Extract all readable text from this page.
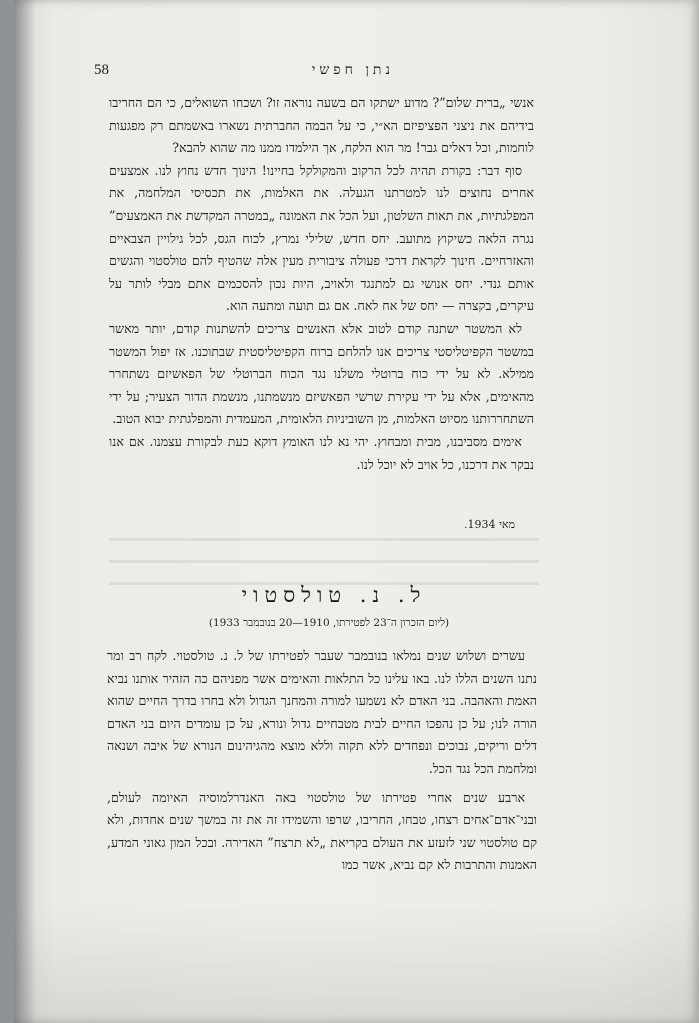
58	נתן חפשי

אנשי „ברית שלום”? מדוע ישתקו הם בשעה נוראה זו? ושכחו השואלים, כי הם החריבו בידיהם את ניצני הפציפיזם הא״י, כי על הבמה החברתית נשארו באשמתם רק מפגעות לוחמות, וכל דאלים גבר! מר הוא הלקח, אך הילמדו ממנו מה שהוא להבא?

סוף דבר: בקורת תהיה לכל הרקוב והמקולקל בחיינו! הינוך חדש נחוץ לנו. אמצעים אחרים נחוצים לנו למטרתנו הגעלה. את האלמות, את תכסיסי המלחמה, את המפלגתיות, את תאות השלטון, ועל הכל את האמונה „במטרה המקדשת את האמצעים” נגרה הלאה כשיקוץ מתועב. יחס חדש, שלילי נמרץ, לכוח הגס, לכל גילויין הצבאיים והאזרחיים. חינוך לקראת דרכי פעולה ציבורית מעין אלה שהטיף להם טולסטוי והגשים אותם גנדי. יחס אנושי גם למתנגד ולאויב, היות נכון להסכמים אתם מבלי לותר על עיקרים, בקצרה — יחס של אח לאח. אם גם תועה ומתעה הוא.

לא המשטר ישתנה קודם לטוב אלא האנשים צריכים להשתנות קודם, יותר מאשר במשטר הקפיטליסטי צריכים אנו להלחם ברוח הקפיטליסטית שבתוכנו. אז יפול המשטר ממילא. לא על ידי כוח ברוטלי משלנו נגד הכוח הברוטלי של הפאשיזם נשתחרר מהאימים, אלא על ידי עקירת שרשי הפאשיזם מנשמתנו, מנשמת הדור הצעיר; על ידי השתחררותנו מסיוט האלמות, מן השוביניות הלאומית, המעמדית והמפלגתית יבוא הטוב.

אימים מסביבנו, מבית ומבחוץ. יהי נא לנו האומץ דוקא כעת לבקורת עצמנו. אם אנו נבקר את דרכנו, כל אויב לא יוכל לנו.

מאי 1934.
ל. נ. טולסטוי
(ליום הזכרון ה־23 לפטירתו, 1910—20 בנובמבר 1933)

עשרים ושלוש שנים נמלאו בנובמבר שעבר לפטירתו של ל. נ. טולסטוי. לקח רב ומר נתנו השנים הללו לנו. באו עלינו כל התלאות והאימים אשר מפניהם כה הזהיר אותנו נביא האמת והאהבה. בני האדם לא נשמעו למורה והמחנך הגדול ולא בחרו בדרך החיים שהוא הורה לנו; על כן נהפכו החיים לבית מטבחיים גדול ונורא, על כן עומדים היום בני האדם דלים וריקים, נבוכים ונפחדים ללא תקוה וללא מוצא מהגיהינום הנורא של איבה ושנאה ומלחמת הכל נגד הכל.

ארבע שנים אחרי פטירתו של טולסטוי באה האנדרלמוסיה האיומה לעולם, ובני־אדם־אחים רצחו, טבחו, החריבו, שרפו והשמידו זה את זה במשך שנים אחדות, ולא קם טולסטוי שני לזעזע את העולם בקריאת „לא תרצח” האדירה. ובכל המון גאוני המדע, האמנות והתרבות לא קם נביא, אשר כמו
